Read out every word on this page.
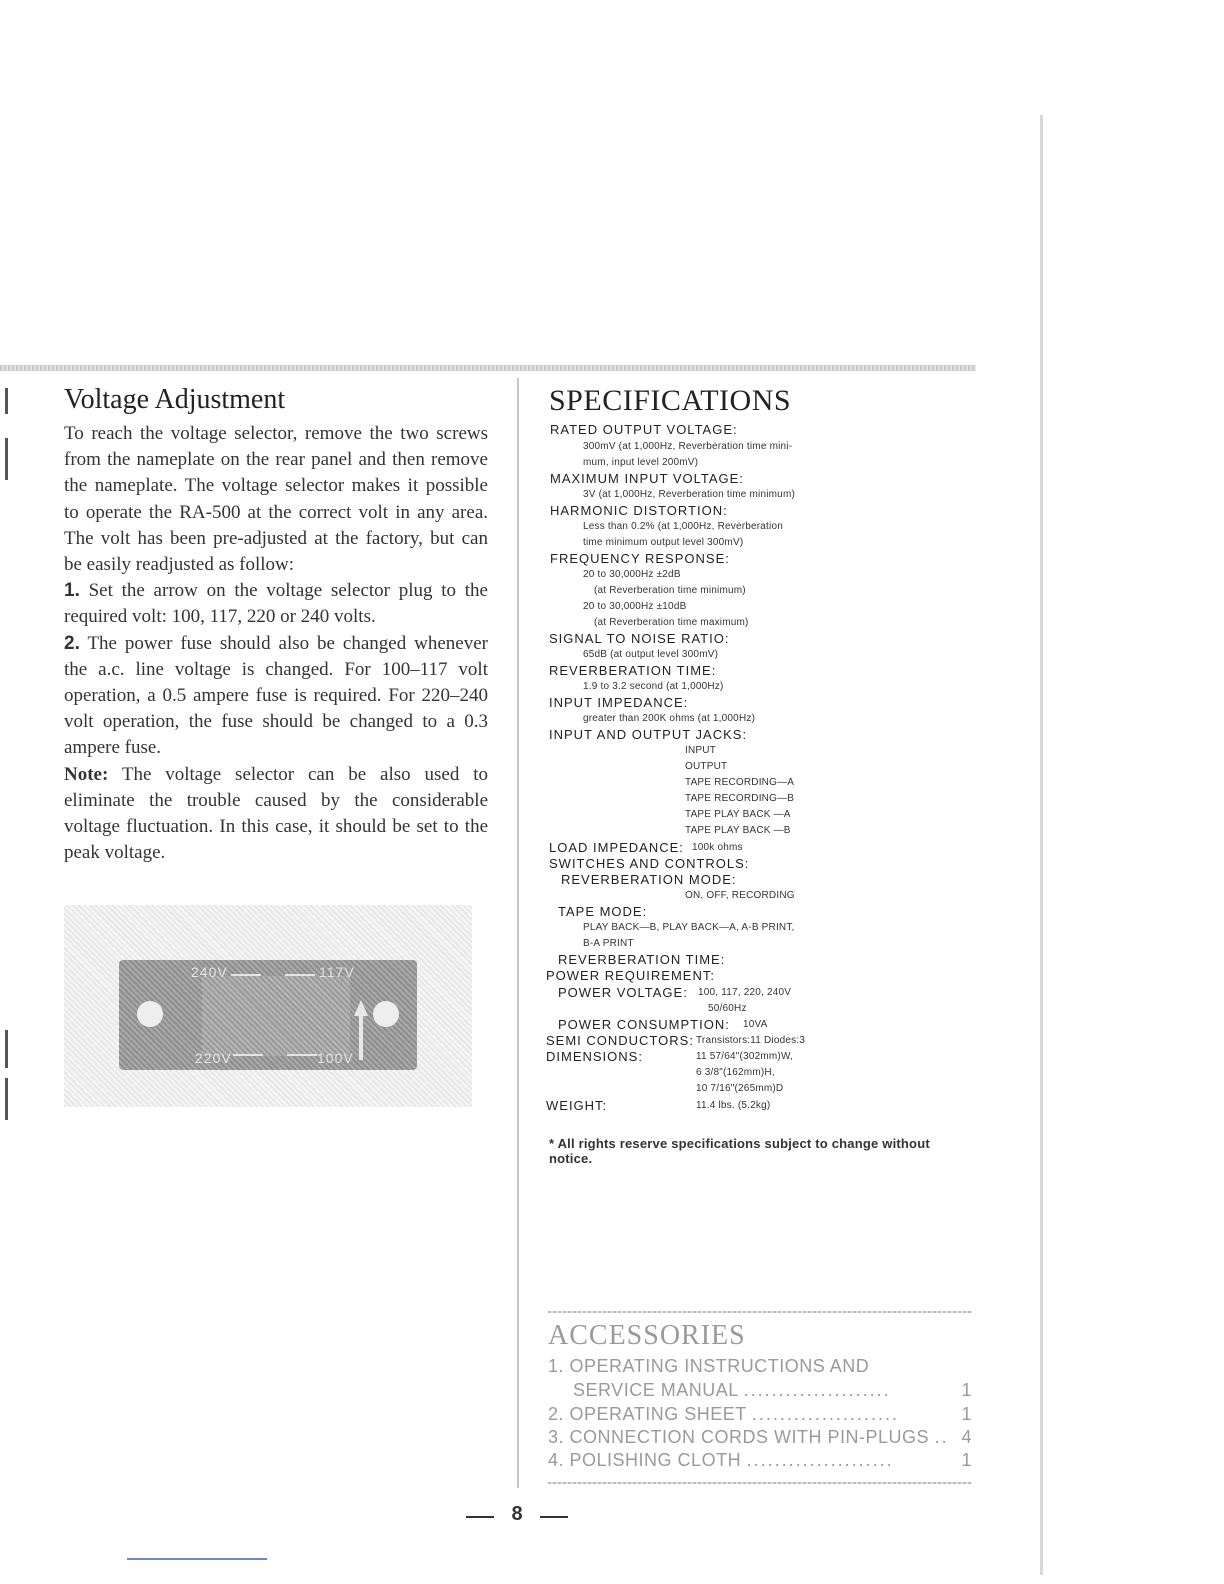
Voltage Adjustment

To reach the voltage selector, remove the two screws from the nameplate on the rear panel and then remove the nameplate. The voltage selector makes it possible to operate the RA-500 at the correct volt in any area. The volt has been pre-adjusted at the factory, but can be easily readjusted as follow:

1. Set the arrow on the voltage selector plug to the required volt: 100, 117, 220 or 240 volts.

2. The power fuse should also be changed whenever the a.c. line voltage is changed. For 100–117 volt operation, a 0.5 ampere fuse is required. For 220–240 volt operation, the fuse should be changed to a 0.3 ampere fuse.

Note: The voltage selector can be also used to eliminate the trouble caused by the considerable voltage fluctuation. In this case, it should be set to the peak voltage.

240V	117V
220V	100V
SPECIFICATIONS
RATED OUTPUT VOLTAGE:
300mV (at 1,000Hz, Reverberation time mini-
mum, input level 200mV)
MAXIMUM INPUT VOLTAGE:
3V (at 1,000Hz, Reverberation time minimum)
HARMONIC DISTORTION:
Less than 0.2% (at 1,000Hz, Reverberation
time minimum output level 300mV)
FREQUENCY RESPONSE:
20 to 30,000Hz ±2dB
(at Reverberation time minimum)
20 to 30,000Hz ±10dB
(at Reverberation time maximum)
SIGNAL TO NOISE RATIO:
65dB (at output level 300mV)
REVERBERATION TIME:
1.9 to 3.2 second (at 1,000Hz)
INPUT IMPEDANCE:
greater than 200K ohms (at 1,000Hz)
INPUT AND OUTPUT JACKS:
INPUT
OUTPUT
TAPE RECORDING—A
TAPE RECORDING—B
TAPE PLAY BACK —A
TAPE PLAY BACK —B
LOAD IMPEDANCE: 100k ohms
SWITCHES AND CONTROLS:
REVERBERATION MODE:
ON, OFF, RECORDING
TAPE MODE:
PLAY BACK—B, PLAY BACK—A, A-B PRINT,
B-A PRINT
REVERBERATION TIME:
POWER REQUIREMENT:
POWER VOLTAGE: 100, 117, 220, 240V
50/60Hz
POWER CONSUMPTION: 10VA
SEMI CONDUCTORS: Transistors:11 Diodes:3
DIMENSIONS:	11 57/64"(302mm)W,
6 3/8"(162mm)H,
10 7/16"(265mm)D
WEIGHT:	11.4 lbs. (5.2kg)
* All rights reserve specifications subject to change without notice.
ACCESSORIES
1. OPERATING INSTRUCTIONS AND
SERVICE MANUAL .....................	1
2. OPERATING SHEET .....................	1
3. CONNECTION CORDS WITH PIN-PLUGS .. 4
4. POLISHING CLOTH .....................	1
8
